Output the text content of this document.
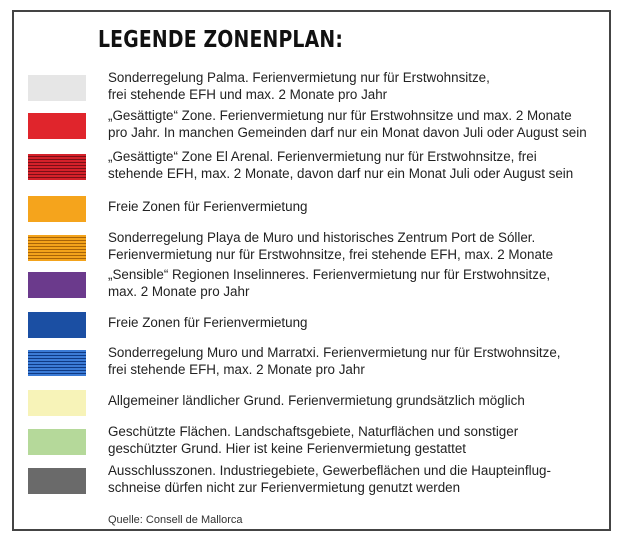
LEGENDE ZONENPLAN:
Sonderregelung Palma. Ferienvermietung nur für Erstwohnsitze,
frei stehende EFH und max. 2 Monate pro Jahr
„Gesättigte“ Zone. Ferienvermietung nur für Erstwohnsitze und max. 2 Monate
pro Jahr. In manchen Gemeinden darf nur ein Monat davon Juli oder August sein
„Gesättigte“ Zone El Arenal. Ferienvermietung nur für Erstwohnsitze, frei
stehende EFH, max. 2 Monate, davon darf nur ein Monat Juli oder August sein
Freie Zonen für Ferienvermietung
Sonderregelung Playa de Muro und historisches Zentrum Port de Sóller.
Ferienvermietung nur für Erstwohnsitze, frei stehende EFH, max. 2 Monate
„Sensible“ Regionen Inselinneres. Ferienvermietung nur für Erstwohnsitze,
max. 2 Monate pro Jahr
Freie Zonen für Ferienvermietung
Sonderregelung Muro und Marratxi. Ferienvermietung nur für Erstwohnsitze,
frei stehende EFH, max. 2 Monate pro Jahr
Allgemeiner ländlicher Grund. Ferienvermietung grundsätzlich möglich
Geschützte Flächen. Landschaftsgebiete, Naturflächen und sonstiger
geschützter Grund. Hier ist keine Ferienvermietung gestattet
Ausschlusszonen. Industriegebiete, Gewerbeflächen und die Haupteinflug-
schneise dürfen nicht zur Ferienvermietung genutzt werden
Quelle: Consell de Mallorca
